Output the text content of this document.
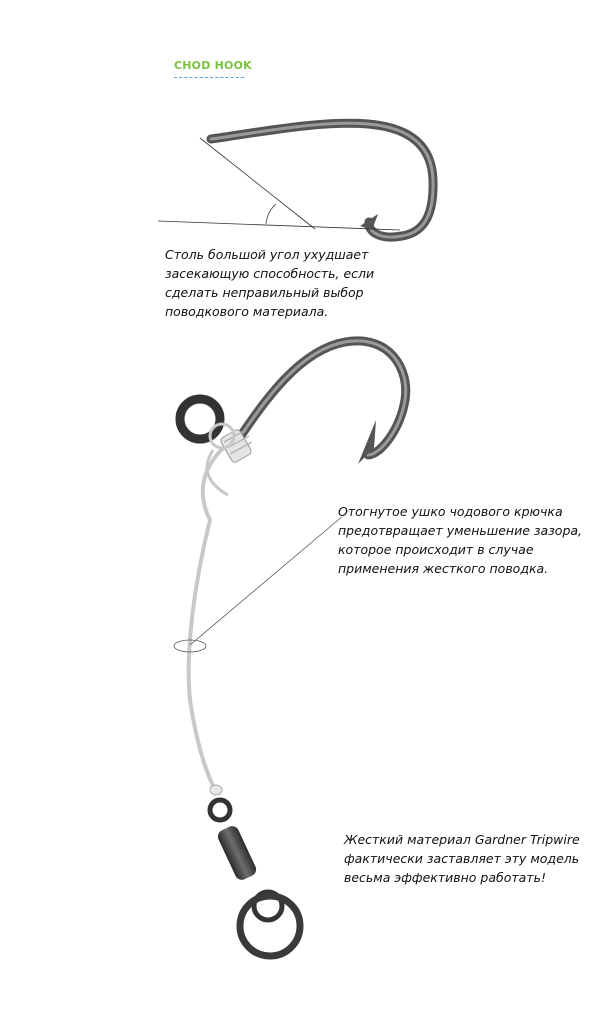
CHOD HOOK
Столь большой угол ухудшает
засекающую способность, если
сделать неправильный выбор
поводкового материала.
Отогнутое ушко чодового крючка
предотвращает уменьшение зазора,
которое происходит в случае
применения жесткого поводка.
Жесткий материал Gardner Tripwire
фактически заставляет эту модель
весьма эффективно работать!
